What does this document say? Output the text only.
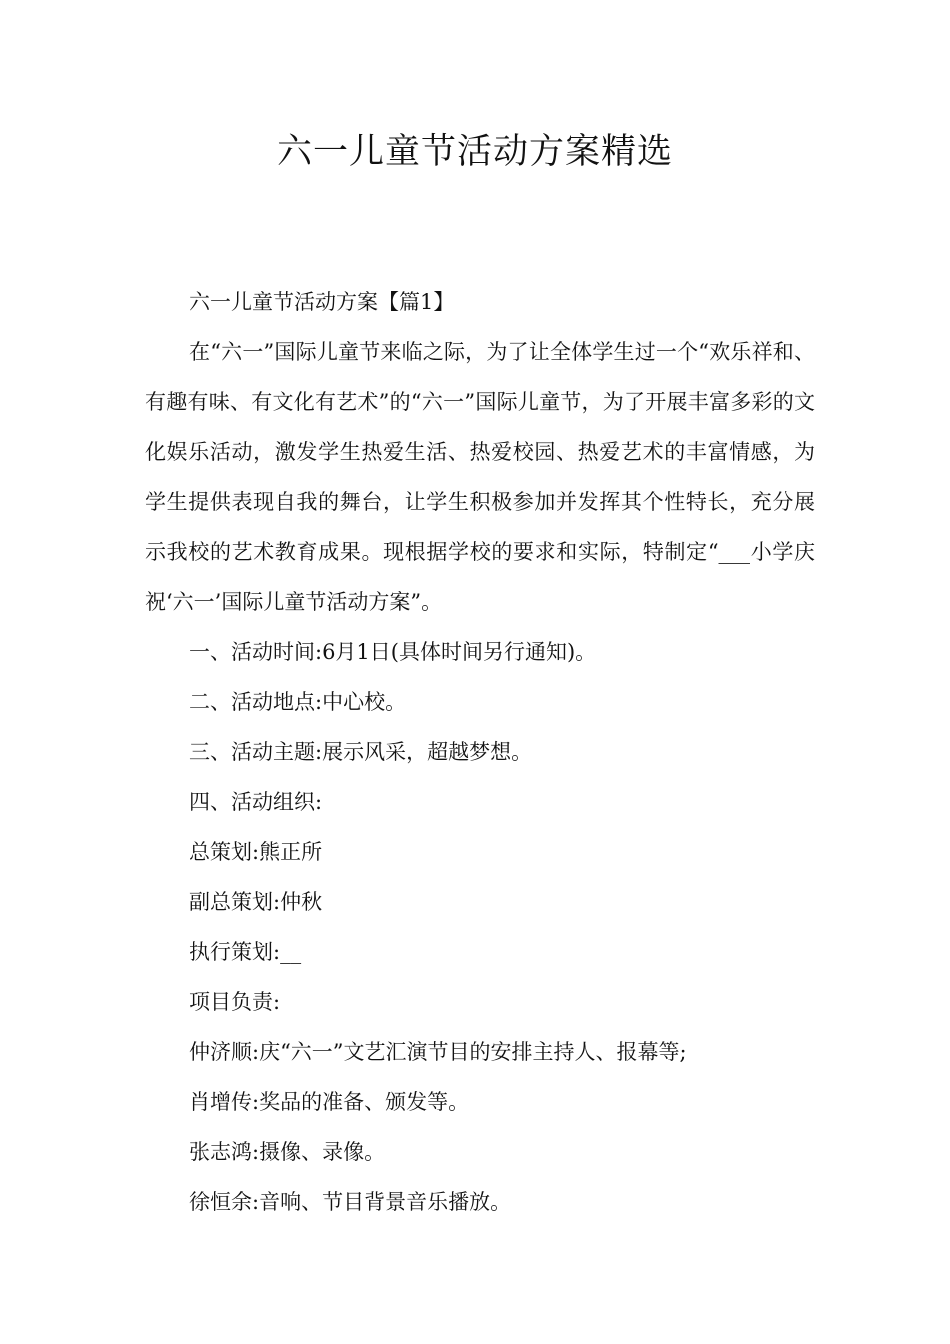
六一儿童节活动方案精选

六一儿童节活动方案【篇1】

在“六一”国际儿童节来临之际，为了让全体学生过一个“欢乐祥和、有趣有味、有文化有艺术”的“六一”国际儿童节，为了开展丰富多彩的文化娱乐活动，激发学生热爱生活、热爱校园、热爱艺术的丰富情感，为学生提供表现自我的舞台，让学生积极参加并发挥其个性特长，充分展示我校的艺术教育成果。现根据学校的要求和实际，特制定“___小学庆祝‘六一’国际儿童节活动方案”。

一、活动时间:6月1日(具体时间另行通知)。

二、活动地点:中心校。

三、活动主题:展示风采，超越梦想。

四、活动组织:

总策划:熊正所

副总策划:仲秋

执行策划:__

项目负责:

仲济顺:庆“六一”文艺汇演节目的安排主持人、报幕等;

肖增传:奖品的准备、颁发等。

张志鸿:摄像、录像。

徐恒余:音响、节目背景音乐播放。
